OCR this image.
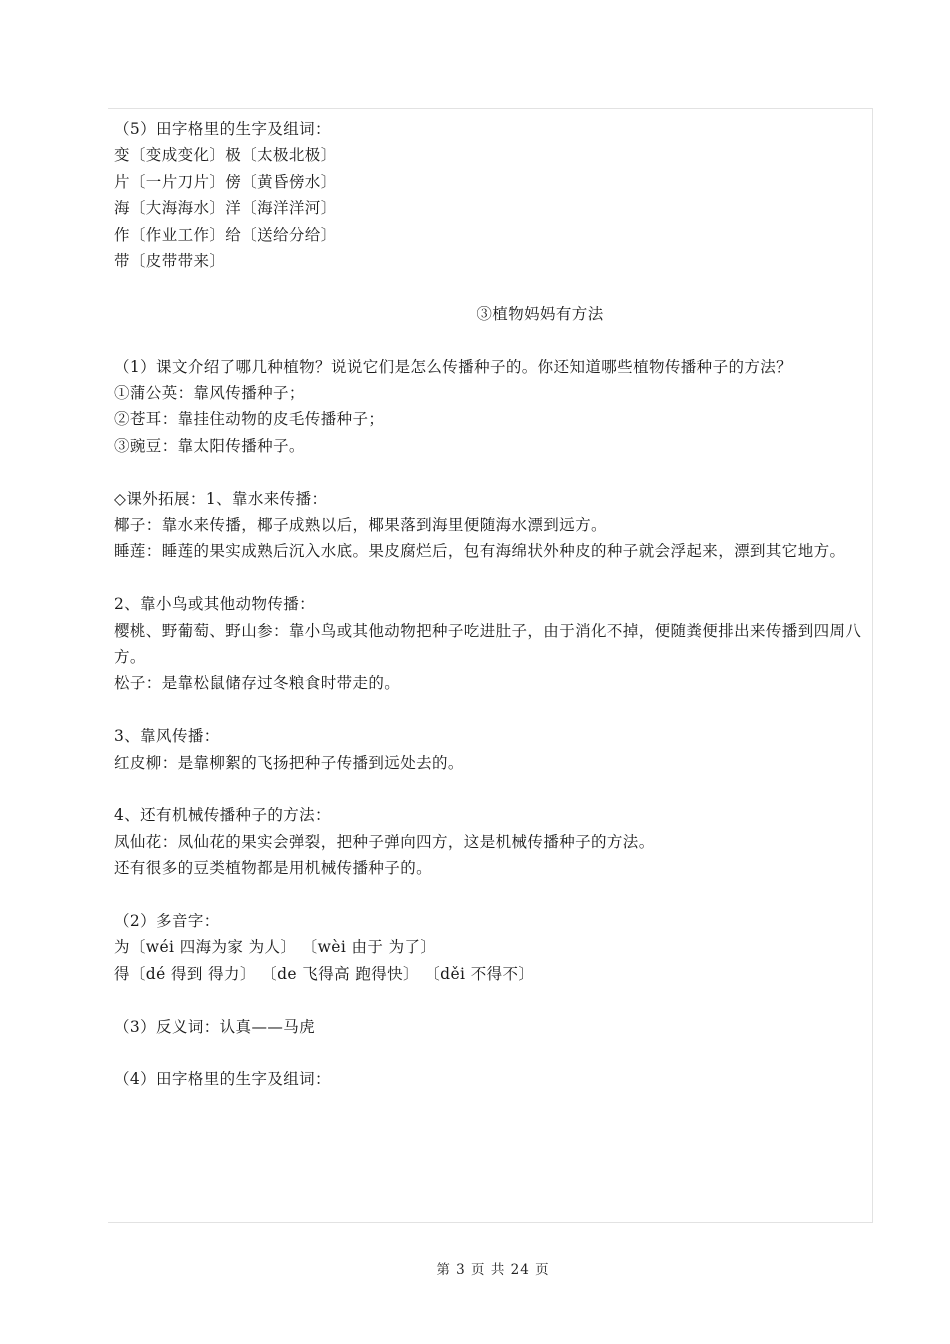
（5）田字格里的生字及组词：
变〔变成变化〕极〔太极北极〕
片〔一片刀片〕傍〔黄昏傍水〕
海〔大海海水〕洋〔海洋洋河〕
作〔作业工作〕给〔送给分给〕
带〔皮带带来〕
③植物妈妈有方法
（1）课文介绍了哪几种植物？说说它们是怎么传播种子的。你还知道哪些植物传播种子的方法？
①蒲公英：靠风传播种子；
②苍耳：靠挂住动物的皮毛传播种子；
③豌豆：靠太阳传播种子。
◇课外拓展：1、靠水来传播：
椰子：靠水来传播，椰子成熟以后，椰果落到海里便随海水漂到远方。
睡莲：睡莲的果实成熟后沉入水底。果皮腐烂后，包有海绵状外种皮的种子就会浮起来，漂到其它地方。
2、靠小鸟或其他动物传播：
樱桃、野葡萄、野山参：靠小鸟或其他动物把种子吃进肚子，由于消化不掉，便随粪便排出来传播到四周八方。
松子：是靠松鼠储存过冬粮食时带走的。
3、靠风传播：
红皮柳：是靠柳絮的飞扬把种子传播到远处去的。
4、还有机械传播种子的方法：
凤仙花：凤仙花的果实会弹裂，把种子弹向四方，这是机械传播种子的方法。
还有很多的豆类植物都是用机械传播种子的。
（2）多音字：
为〔wéi 四海为家 为人〕 〔wèi 由于 为了〕
得〔dé 得到 得力〕 〔de 飞得高 跑得快〕 〔děi 不得不〕
（3）反义词：认真——马虎
（4）田字格里的生字及组词：
第 3 页 共 24 页
